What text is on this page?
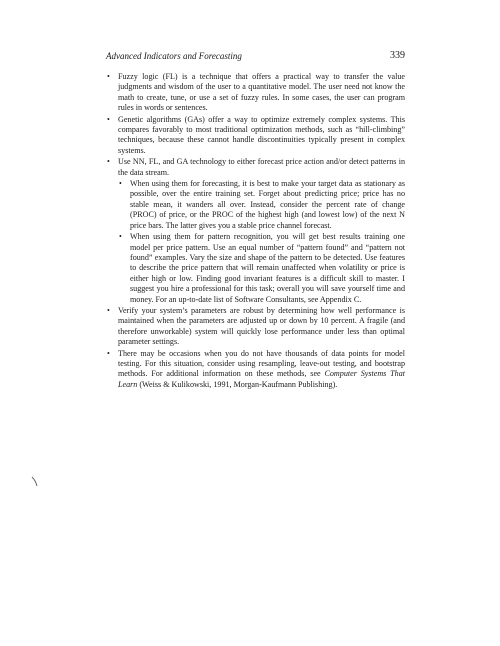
Advanced Indicators and Forecasting	339
• Fuzzy logic (FL) is a technique that offers a practical way to transfer the value judgments and wisdom of the user to a quantitative model. The user need not know the math to create, tune, or use a set of fuzzy rules. In some cases, the user can program rules in words or sentences.
• Genetic algorithms (GAs) offer a way to optimize extremely complex systems. This compares favorably to most traditional optimization methods, such as “hill-climbing” techniques, because these cannot handle discontinuities typically present in complex systems.
• Use NN, FL, and GA technology to either forecast price action and/or detect patterns in the data stream.
• When using them for forecasting, it is best to make your target data as stationary as possible, over the entire training set. Forget about predicting price; price has no stable mean, it wanders all over. Instead, consider the percent rate of change (PROC) of price, or the PROC of the highest high (and lowest low) of the next N price bars. The latter gives you a stable price channel forecast.
• When using them for pattern recognition, you will get best results training one model per price pattern. Use an equal number of “pattern found” and “pattern not found” examples. Vary the size and shape of the pattern to be detected. Use features to describe the price pattern that will remain unaffected when volatility or price is either high or low. Finding good invariant features is a difficult skill to master. I suggest you hire a professional for this task; overall you will save yourself time and money. For an up-to-date list of Software Consultants, see Appendix C.
• Verify your system’s parameters are robust by determining how well performance is maintained when the parameters are adjusted up or down by 10 percent. A fragile (and therefore unworkable) system will quickly lose performance under less than optimal parameter settings.
• There may be occasions when you do not have thousands of data points for model testing. For this situation, consider using resampling, leave-out testing, and bootstrap methods. For additional information on these methods, see Computer Systems That Learn (Weiss & Kulikowski, 1991, Morgan-Kaufmann Publishing).
